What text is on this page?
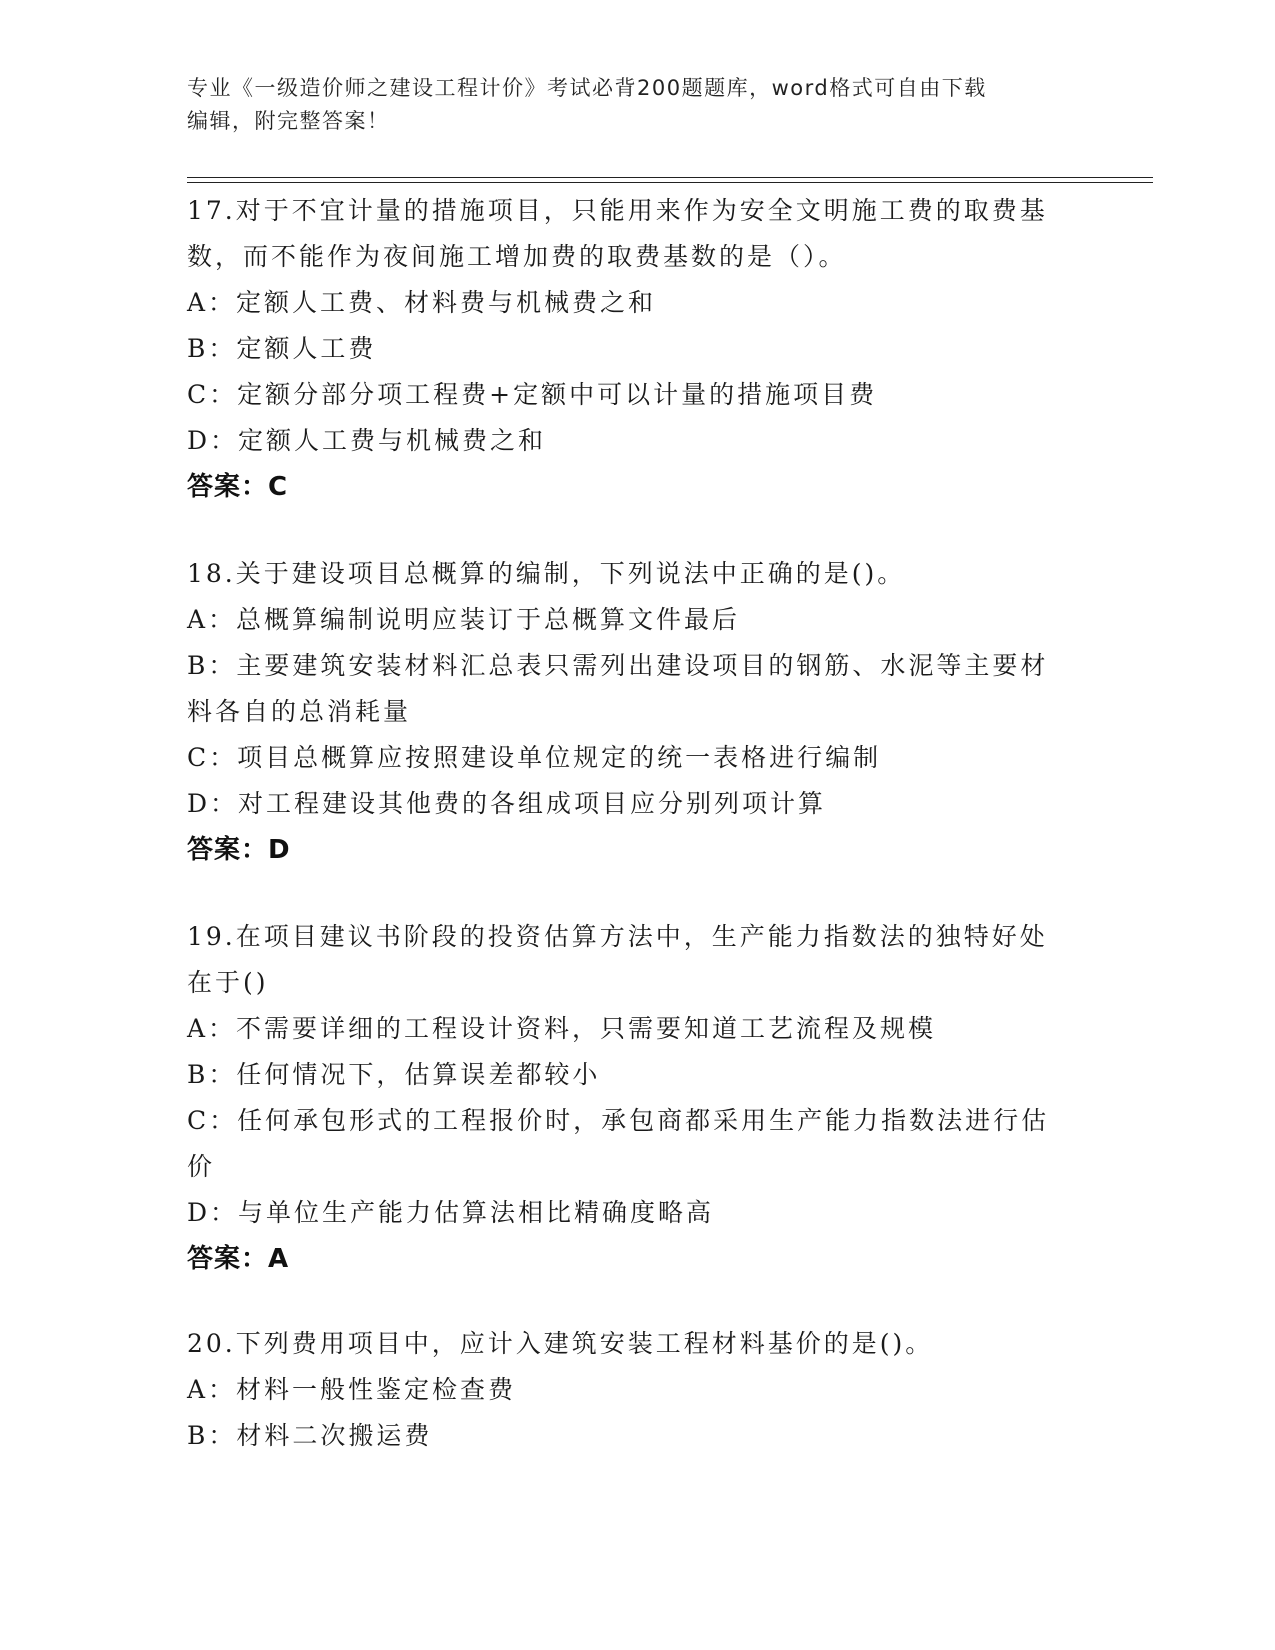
专业《一级造价师之建设工程计价》考试必背200题题库，word格式可自由下载
编辑，附完整答案！
17.对于不宜计量的措施项目，只能用来作为安全文明施工费的取费基
数，而不能作为夜间施工增加费的取费基数的是（）。
A：定额人工费、材料费与机械费之和
B：定额人工费
C：定额分部分项工程费+定额中可以计量的措施项目费
D：定额人工费与机械费之和
答案：C
18.关于建设项目总概算的编制，下列说法中正确的是()。
A：总概算编制说明应装订于总概算文件最后
B：主要建筑安装材料汇总表只需列出建设项目的钢筋、水泥等主要材
料各自的总消耗量
C：项目总概算应按照建设单位规定的统一表格进行编制
D：对工程建设其他费的各组成项目应分别列项计算
答案：D
19.在项目建议书阶段的投资估算方法中，生产能力指数法的独特好处
在于()
A：不需要详细的工程设计资料，只需要知道工艺流程及规模
B：任何情况下，估算误差都较小
C：任何承包形式的工程报价时，承包商都采用生产能力指数法进行估
价
D：与单位生产能力估算法相比精确度略高
答案：A
20.下列费用项目中，应计入建筑安装工程材料基价的是()。
A：材料一般性鉴定检查费
B：材料二次搬运费
